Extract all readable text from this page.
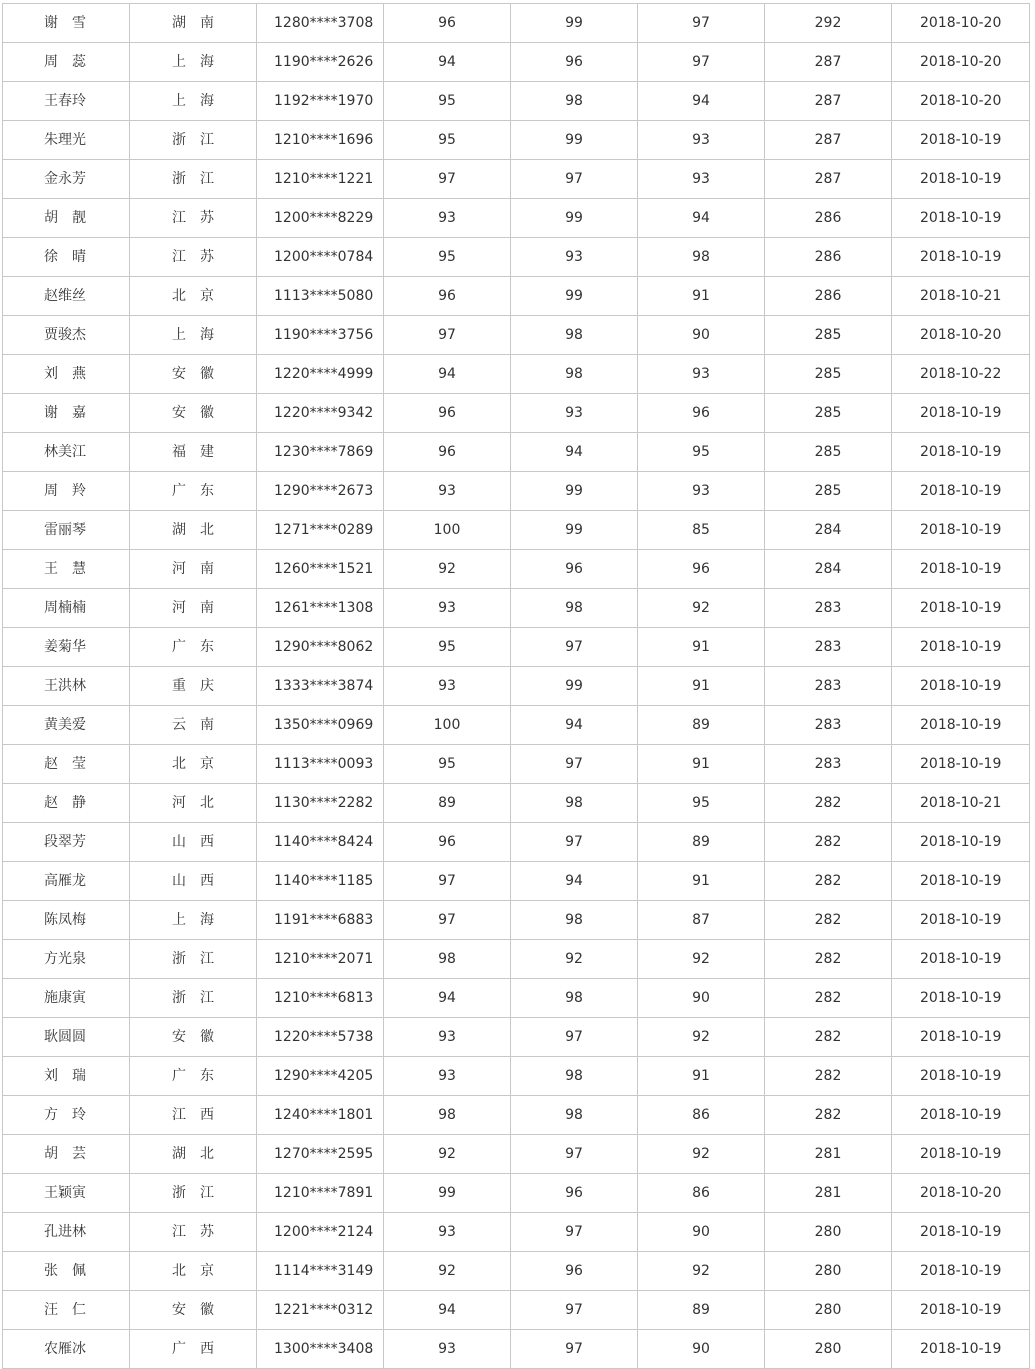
谢　雪	湖　南	1280****3708	96	99	97	292	2018-10-20
周　蕊	上　海	1190****2626	94	96	97	287	2018-10-20
王春玲	上　海	1192****1970	95	98	94	287	2018-10-20
朱理光	浙　江	1210****1696	95	99	93	287	2018-10-19
金永芳	浙　江	1210****1221	97	97	93	287	2018-10-19
胡　靓	江　苏	1200****8229	93	99	94	286	2018-10-19
徐　晴	江　苏	1200****0784	95	93	98	286	2018-10-19
赵维丝	北　京	1113****5080	96	99	91	286	2018-10-21
贾骏杰	上　海	1190****3756	97	98	90	285	2018-10-20
刘　燕	安　徽	1220****4999	94	98	93	285	2018-10-22
谢　嘉	安　徽	1220****9342	96	93	96	285	2018-10-19
林美江	福　建	1230****7869	96	94	95	285	2018-10-19
周　羚	广　东	1290****2673	93	99	93	285	2018-10-19
雷丽琴	湖　北	1271****0289	100	99	85	284	2018-10-19
王　慧	河　南	1260****1521	92	96	96	284	2018-10-19
周楠楠	河　南	1261****1308	93	98	92	283	2018-10-19
姜菊华	广　东	1290****8062	95	97	91	283	2018-10-19
王洪林	重　庆	1333****3874	93	99	91	283	2018-10-19
黄美爱	云　南	1350****0969	100	94	89	283	2018-10-19
赵　莹	北　京	1113****0093	95	97	91	283	2018-10-19
赵　静	河　北	1130****2282	89	98	95	282	2018-10-21
段翠芳	山　西	1140****8424	96	97	89	282	2018-10-19
高雁龙	山　西	1140****1185	97	94	91	282	2018-10-19
陈凤梅	上　海	1191****6883	97	98	87	282	2018-10-19
方光泉	浙　江	1210****2071	98	92	92	282	2018-10-19
施康寅	浙　江	1210****6813	94	98	90	282	2018-10-19
耿圆圆	安　徽	1220****5738	93	97	92	282	2018-10-19
刘　瑞	广　东	1290****4205	93	98	91	282	2018-10-19
方　玲	江　西	1240****1801	98	98	86	282	2018-10-19
胡　芸	湖　北	1270****2595	92	97	92	281	2018-10-19
王颖寅	浙　江	1210****7891	99	96	86	281	2018-10-20
孔进林	江　苏	1200****2124	93	97	90	280	2018-10-19
张　佩	北　京	1114****3149	92	96	92	280	2018-10-19
汪　仁	安　徽	1221****0312	94	97	89	280	2018-10-19
农雁冰	广　西	1300****3408	93	97	90	280	2018-10-19
